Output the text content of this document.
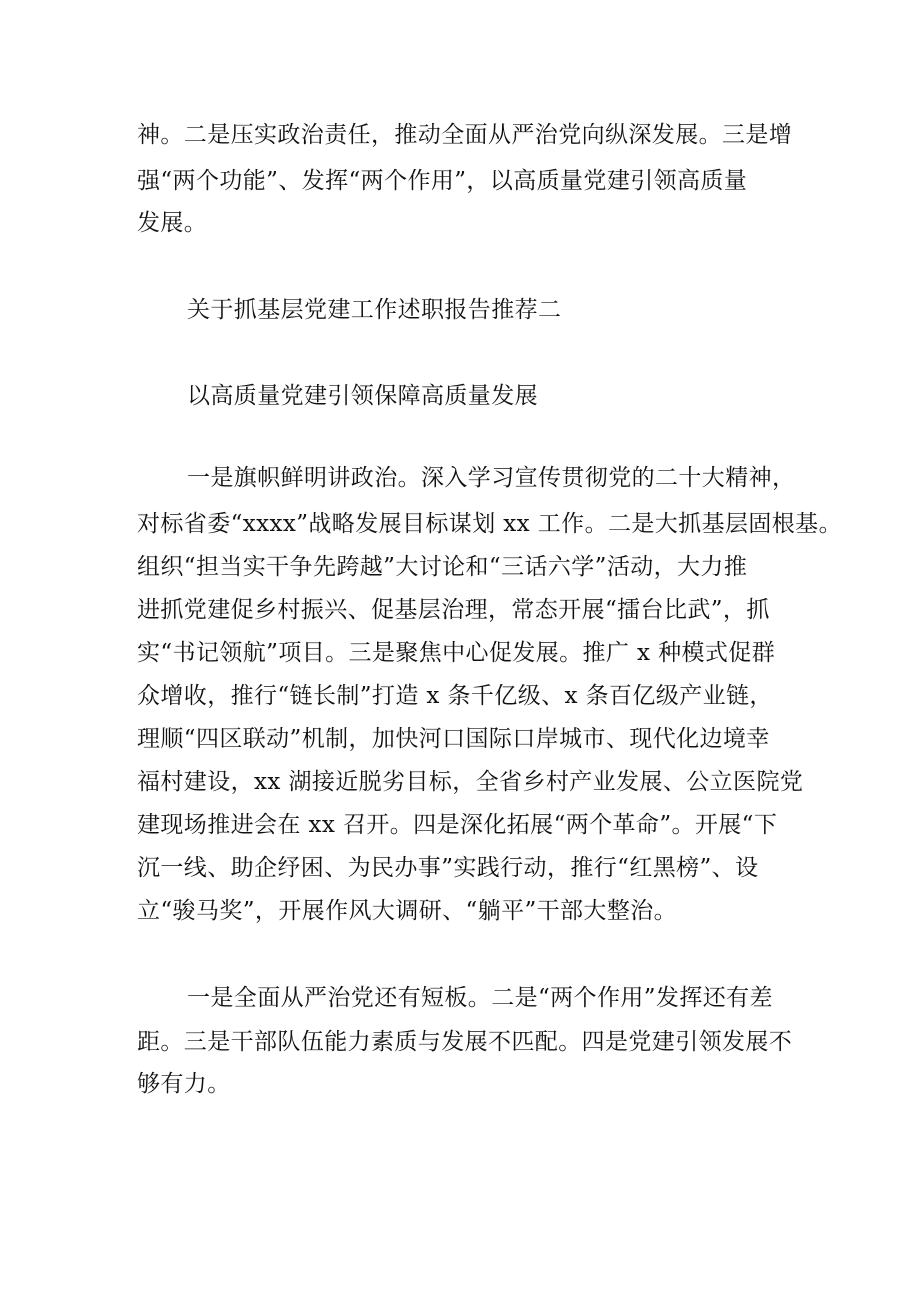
神。二是压实政治责任，推动全面从严治党向纵深发展。三是增
强“两个功能”、发挥“两个作用”，以高质量党建引领高质量
发展。
关于抓基层党建工作述职报告推荐二
以高质量党建引领保障高质量发展
一是旗帜鲜明讲政治。深入学习宣传贯彻党的二十大精神，
对标省委“xxxx”战略发展目标谋划 xx 工作。二是大抓基层固根基。
组织“担当实干争先跨越”大讨论和“三话六学”活动，大力推
进抓党建促乡村振兴、促基层治理，常态开展“擂台比武”，抓
实“书记领航”项目。三是聚焦中心促发展。推广 x 种模式促群
众增收，推行“链长制”打造 x 条千亿级、x 条百亿级产业链，
理顺“四区联动”机制，加快河口国际口岸城市、现代化边境幸
福村建设，xx 湖接近脱劣目标，全省乡村产业发展、公立医院党
建现场推进会在 xx 召开。四是深化拓展“两个革命”。开展“下
沉一线、助企纾困、为民办事”实践行动，推行“红黑榜”、设
立“骏马奖”，开展作风大调研、“躺平”干部大整治。
一是全面从严治党还有短板。二是“两个作用”发挥还有差
距。三是干部队伍能力素质与发展不匹配。四是党建引领发展不
够有力。
